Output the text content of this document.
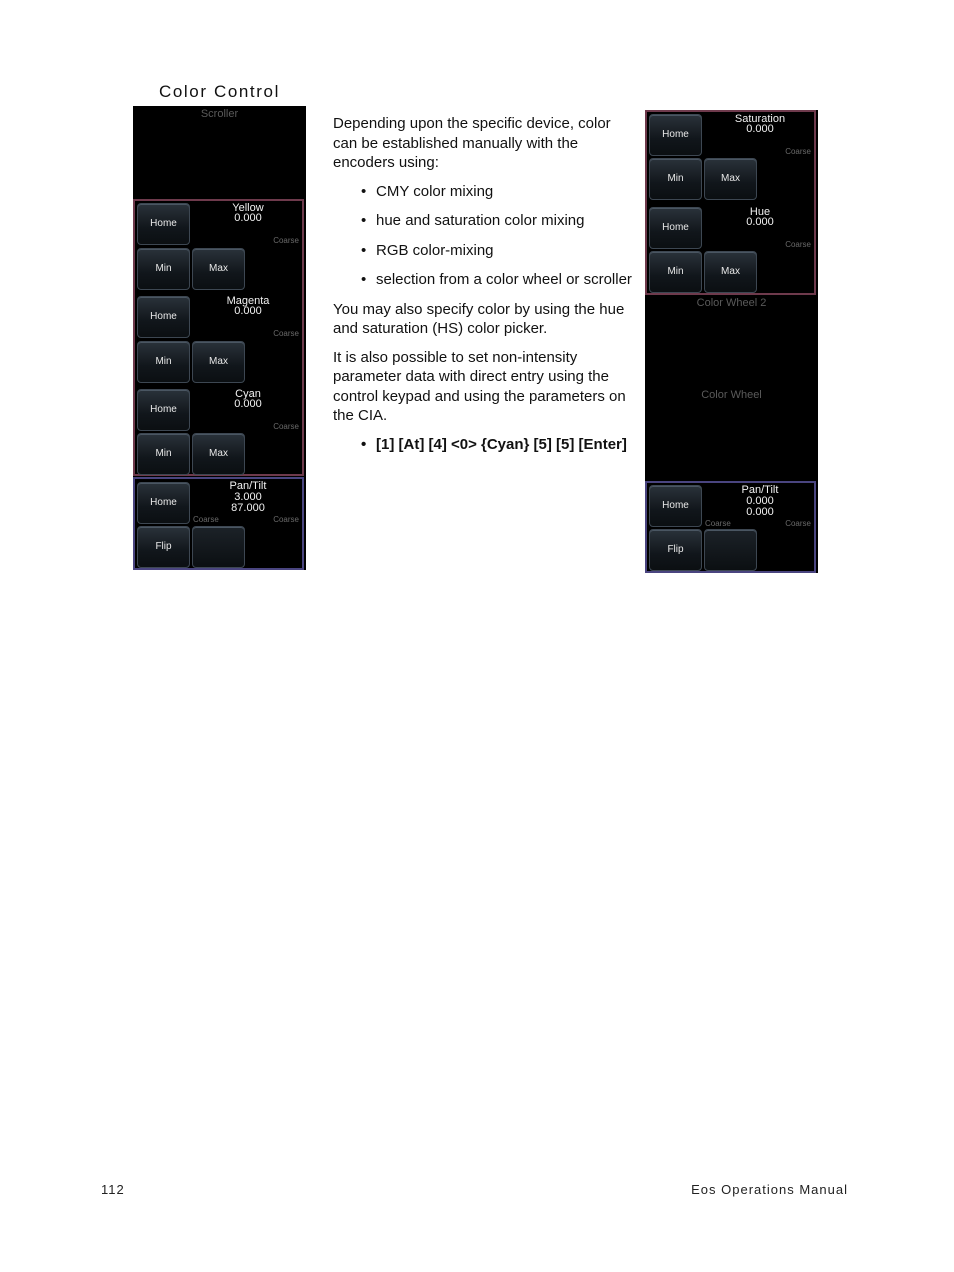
Color Control
Scroller
Home
Yellow
0.000
Coarse
Min	Max
Home
Magenta
0.000
Coarse
Min	Max
Home
Cyan
0.000
Coarse
Min	Max
Home
Pan/Tilt
3.000
87.000
Coarse	Coarse
Flip

Depending upon the specific device, color can be established manually with the encoders using:

• CMY color mixing
• hue and saturation color mixing
• RGB color-mixing
• selection from a color wheel or scroller

You may also specify color by using the hue and saturation (HS) color picker.

It is also possible to set non-intensity parameter data with direct entry using the control keypad and using the parameters on the CIA.

• [1] [At] [4] <0> {Cyan} [5] [5] [Enter]
Home
Saturation
0.000
Coarse
Min	Max
Home
Hue
0.000
Coarse
Min	Max
Color Wheel 2
Color Wheel
Home
Pan/Tilt
0.000
0.000
Coarse	Coarse
Flip
112	Eos Operations Manual
